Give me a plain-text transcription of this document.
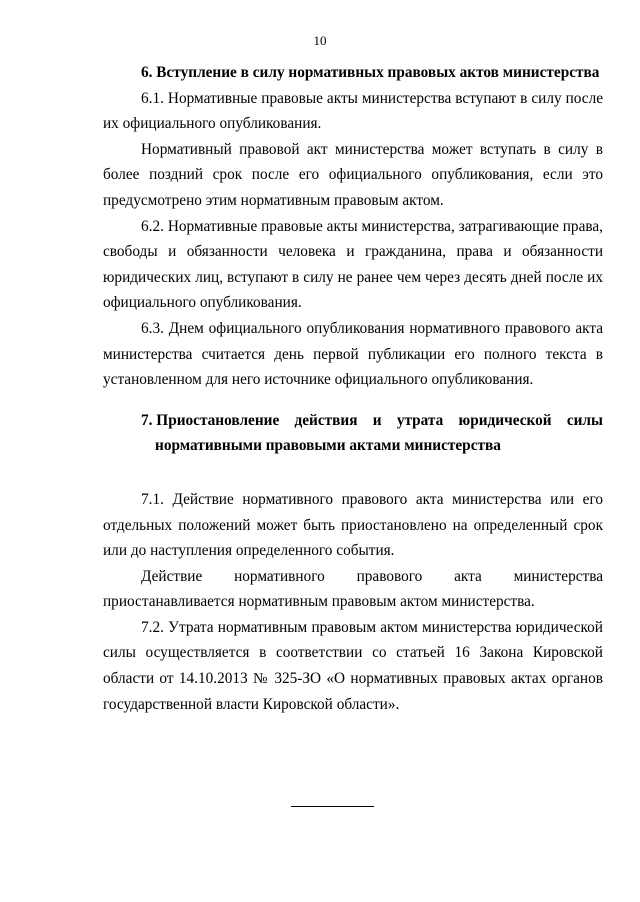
10

6. Вступление в силу нормативных правовых актов министерства

6.1. Нормативные правовые акты министерства вступают в силу после их официального опубликования.

Нормативный правовой акт министерства может вступать в силу в более поздний срок после его официального опубликования, если это предусмотрено этим нормативным правовым актом.

6.2. Нормативные правовые акты министерства, затрагивающие права, свободы и обязанности человека и гражданина, права и обязанности юридических лиц, вступают в силу не ранее чем через десять дней после их официального опубликования.

6.3. Днем официального опубликования нормативного правового акта министерства считается день первой публикации его полного текста в установленном для него источнике официального опубликования.

7. Приостановление действия и утрата юридической силы
нормативными правовыми актами министерства

7.1. Действие нормативного правового акта министерства или его отдельных положений может быть приостановлено на определенный срок или до наступления определенного события.

Действие нормативного правового акта министерства
приостанавливается нормативным правовым актом министерства.

7.2. Утрата нормативным правовым актом министерства юридической силы осуществляется в соответствии со статьей 16 Закона Кировской области от 14.10.2013 № 325-ЗО «О нормативных правовых актах органов государственной власти Кировской области».
